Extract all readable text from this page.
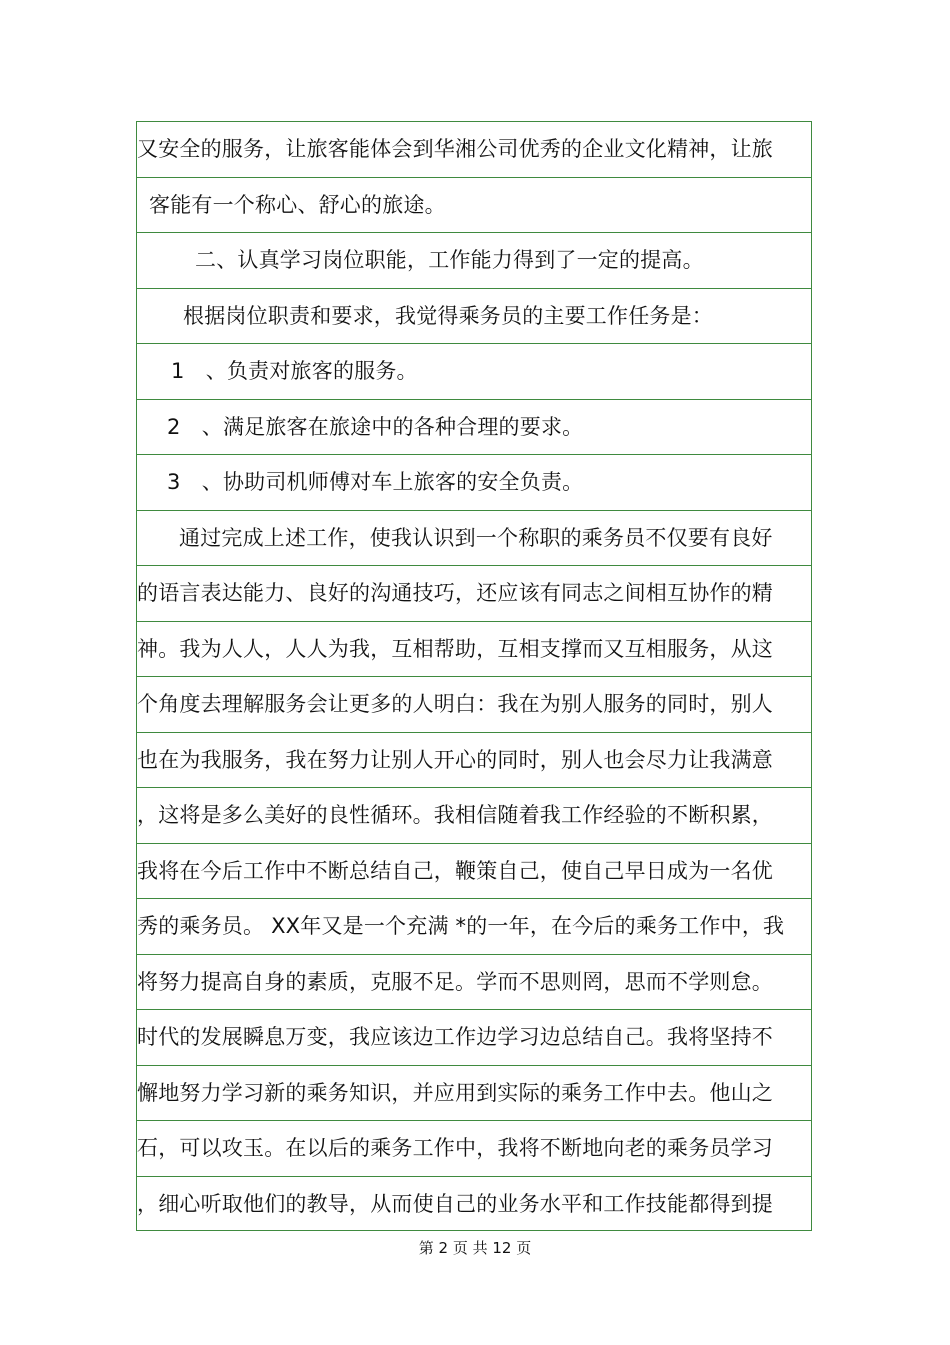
又安全的服务，让旅客能体会到华湘公司优秀的企业文化精神，让旅
客能有一个称心、舒心的旅途。
二、认真学习岗位职能，工作能力得到了一定的提高。
根据岗位职责和要求，我觉得乘务员的主要工作任务是：
1　、负责对旅客的服务。
2　、满足旅客在旅途中的各种合理的要求。
3　、协助司机师傅对车上旅客的安全负责。
通过完成上述工作，使我认识到一个称职的乘务员不仅要有良好
的语言表达能力、良好的沟通技巧，还应该有同志之间相互协作的精
神。我为人人，人人为我，互相帮助，互相支撑而又互相服务，从这
个角度去理解服务会让更多的人明白：我在为别人服务的同时，别人
也在为我服务，我在努力让别人开心的同时，别人也会尽力让我满意
，这将是多么美好的良性循环。我相信随着我工作经验的不断积累，
我将在今后工作中不断总结自己，鞭策自己，使自己早日成为一名优
秀的乘务员。 XX年又是一个充满 *的一年，在今后的乘务工作中，我
将努力提高自身的素质，克服不足。学而不思则罔，思而不学则怠。
时代的发展瞬息万变，我应该边工作边学习边总结自己。我将坚持不
懈地努力学习新的乘务知识，并应用到实际的乘务工作中去。他山之
石，可以攻玉。在以后的乘务工作中，我将不断地向老的乘务员学习
，细心听取他们的教导，从而使自己的业务水平和工作技能都得到提
第 2 页 共 12 页
